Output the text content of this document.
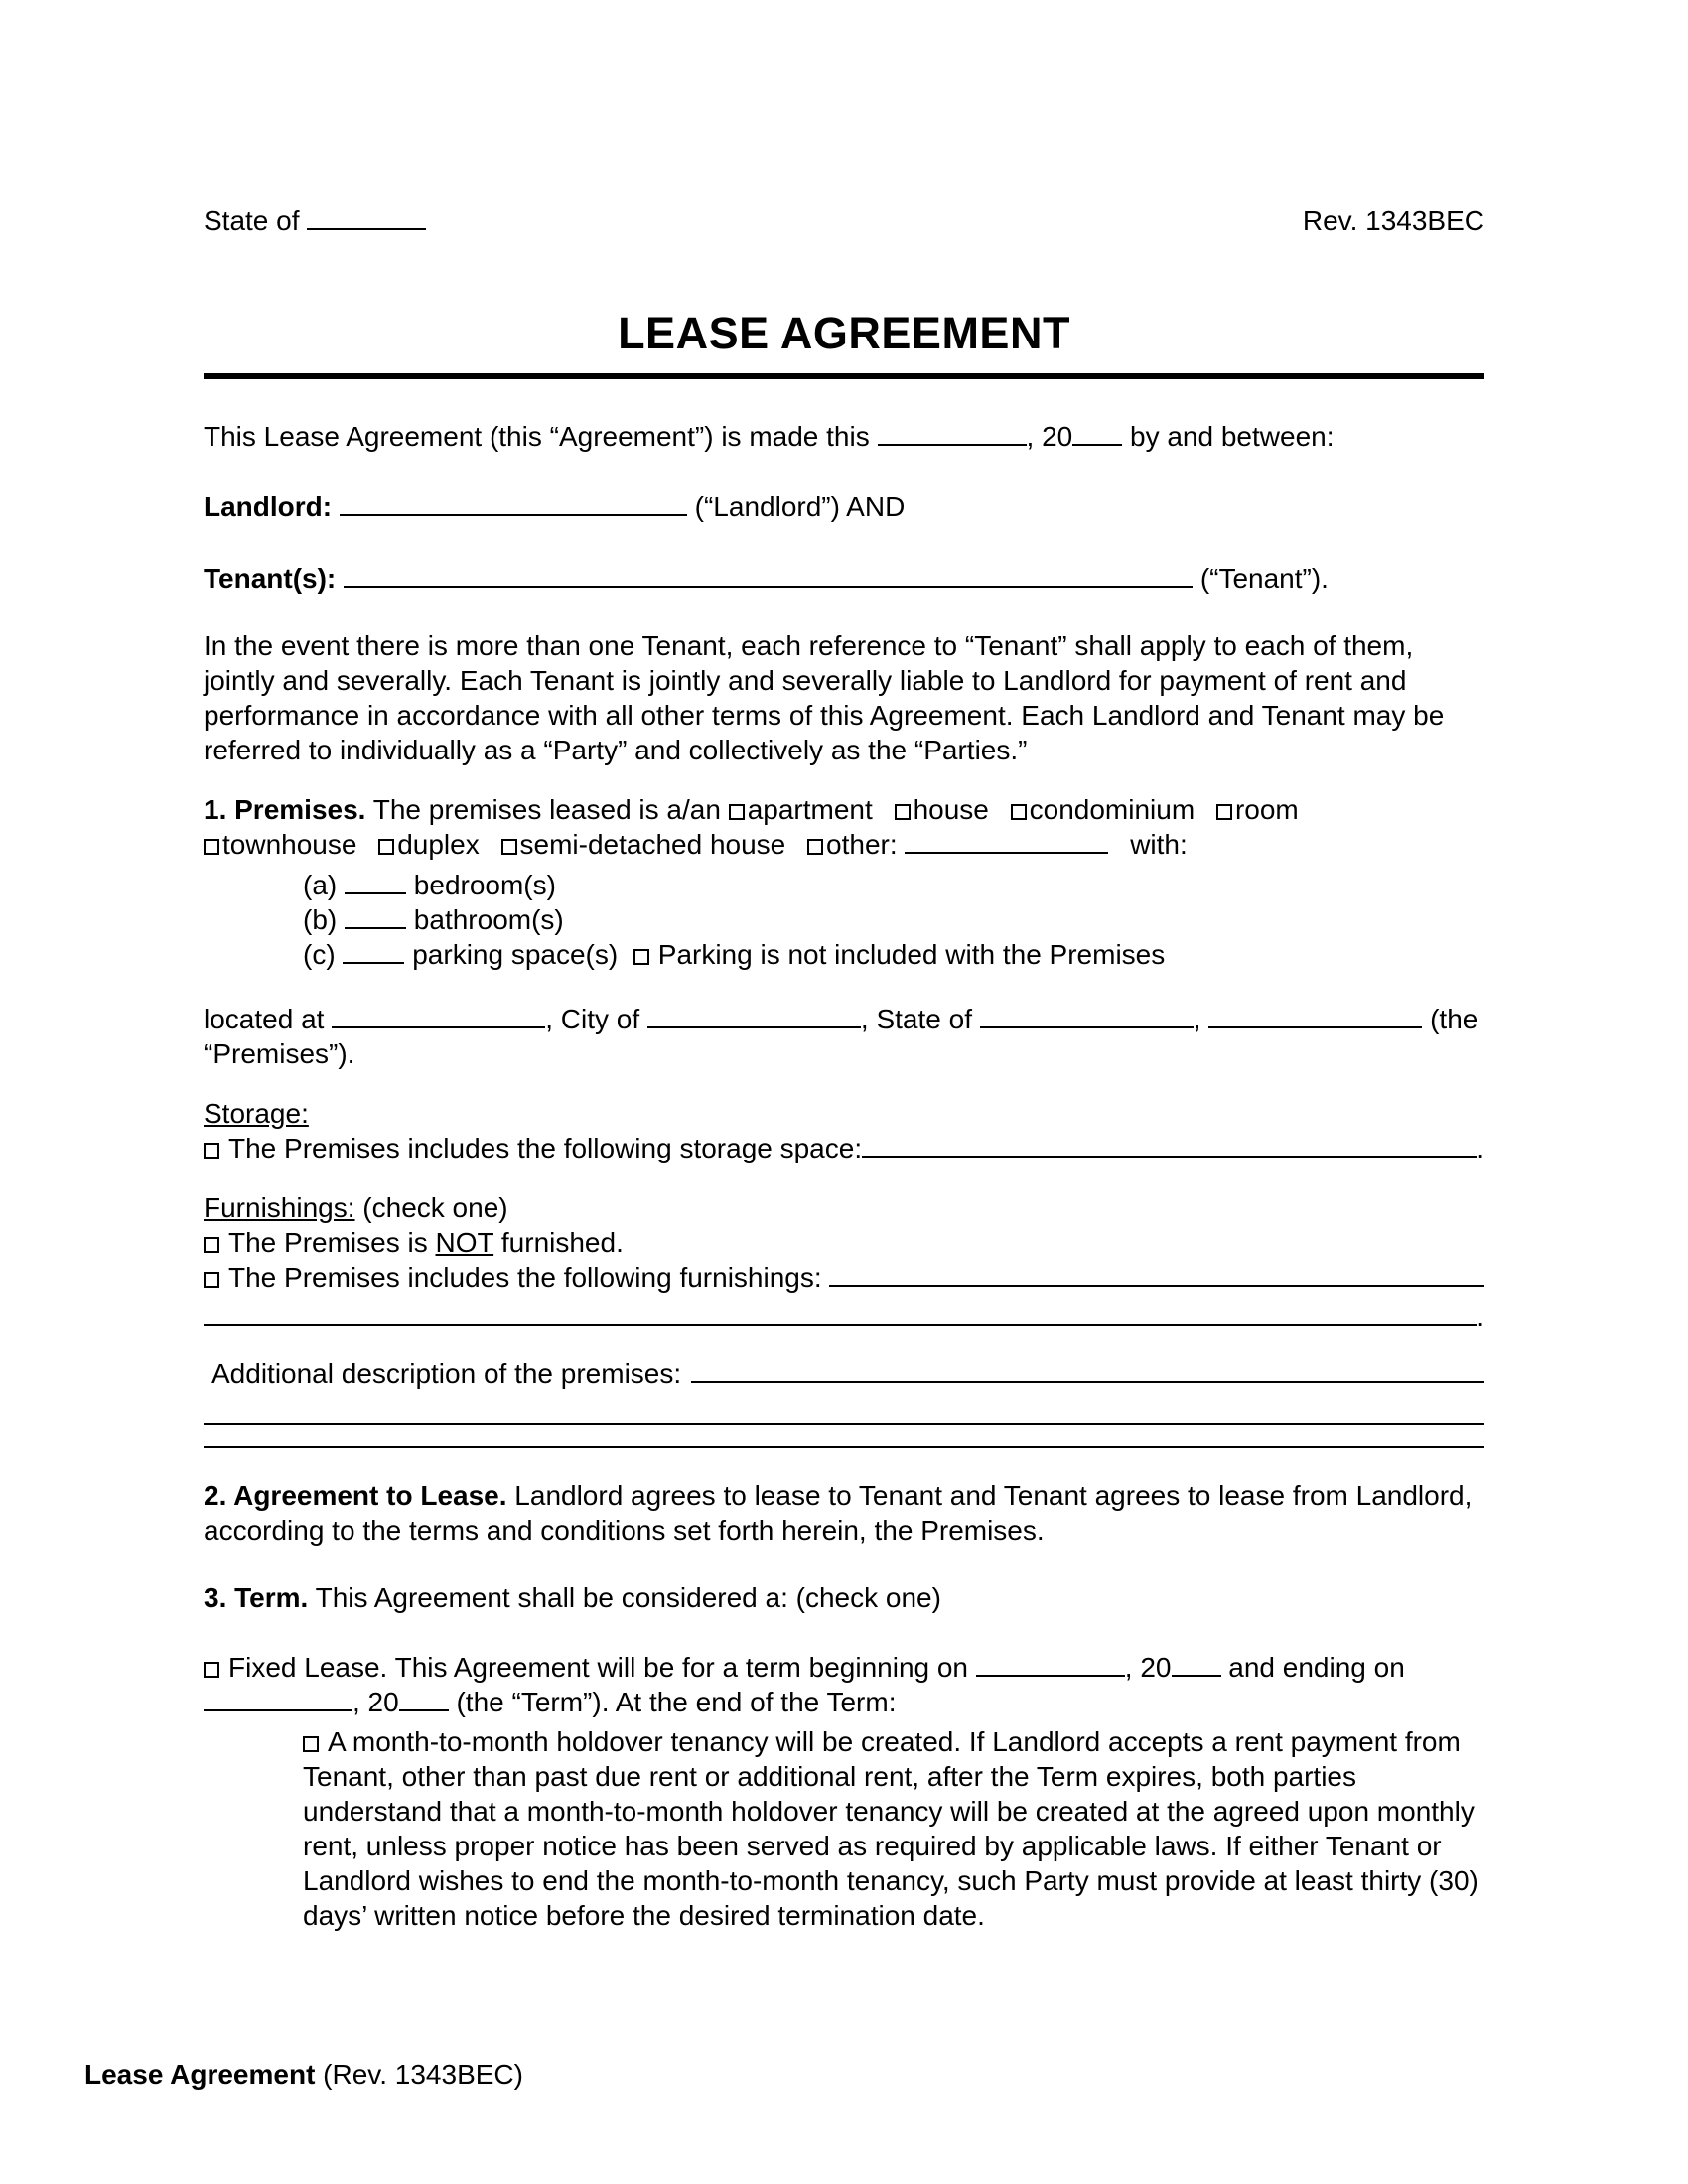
State of	Rev. 1343BEC
LEASE AGREEMENT

This Lease Agreement (this “Agreement”) is made this	, 20 by and between:

Landlord:	(“Landlord”) AND

Tenant(s):	(“Tenant”).

In the event there is more than one Tenant, each reference to “Tenant” shall apply to each of them, jointly and severally. Each Tenant is jointly and severally liable to Landlord for payment of rent and performance in accordance with all other terms of this Agreement. Each Landlord and Tenant may be referred to individually as a “Party” and collectively as the “Parties.”

1. Premises. The premises leased is a/an apartment house condominium room townhouse duplex semi-detached house other:	with:

(a)	bedroom(s)

(b)	bathroom(s)

(c)	parking space(s) Parking is not included with the Premises

located at	, City of	, State of	,	(the “Premises”).

Storage:

The Premises includes the following storage space:	.

Furnishings: (check one)

The Premises is NOT furnished.

The Premises includes the following furnishings:
.
Additional description of the premises:

2. Agreement to Lease. Landlord agrees to lease to Tenant and Tenant agrees to lease from Landlord, according to the terms and conditions set forth herein, the Premises.

3. Term. This Agreement shall be considered a: (check one)

Fixed Lease. This Agreement will be for a term beginning on	, 20 and ending on , 20 (the “Term”). At the end of the Term:

A month-to-month holdover tenancy will be created. If Landlord accepts a rent payment from Tenant, other than past due rent or additional rent, after the Term expires, both parties understand that a month-to-month holdover tenancy will be created at the agreed upon monthly rent, unless proper notice has been served as required by applicable laws. If either Tenant or Landlord wishes to end the month-to-month tenancy, such Party must provide at least thirty (30) days’ written notice before the desired termination date.

Lease Agreement (Rev. 1343BEC)
